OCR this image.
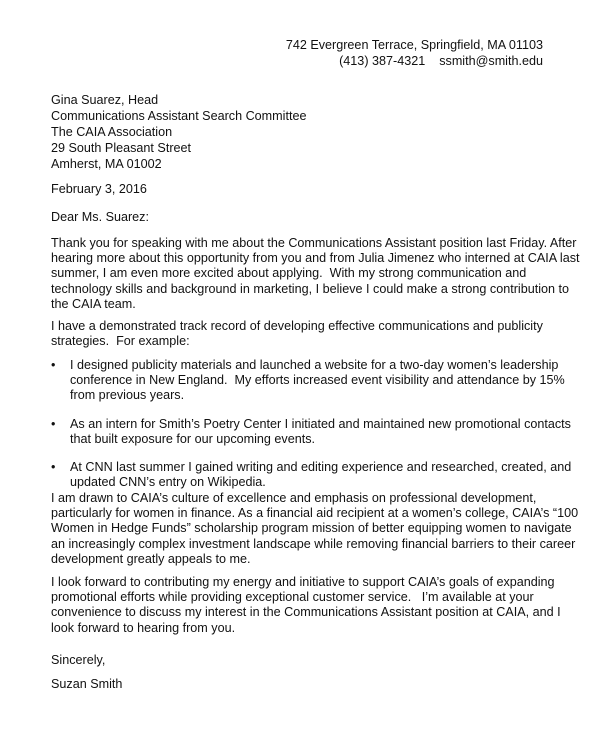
742 Evergreen Terrace, Springfield, MA 01103
(413) 387-4321    ssmith@smith.edu
Gina Suarez, Head
Communications Assistant Search Committee
The CAIA Association
29 South Pleasant Street
Amherst, MA 01002
February 3, 2016
Dear Ms. Suarez:
Thank you for speaking with me about the Communications Assistant position last Friday. After
hearing more about this opportunity from you and from Julia Jimenez who interned at CAIA last
summer, I am even more excited about applying.  With my strong communication and
technology skills and background in marketing, I believe I could make a strong contribution to
the CAIA team.
I have a demonstrated track record of developing effective communications and publicity
strategies.  For example:
• I designed publicity materials and launched a website for a two-day women’s leadership
conference in New England.  My efforts increased event visibility and attendance by 15%
from previous years.
• As an intern for Smith’s Poetry Center I initiated and maintained new promotional contacts
that built exposure for our upcoming events.
• At CNN last summer I gained writing and editing experience and researched, created, and
updated CNN’s entry on Wikipedia.
I am drawn to CAIA’s culture of excellence and emphasis on professional development,
particularly for women in finance. As a financial aid recipient at a women’s college, CAIA’s “100
Women in Hedge Funds” scholarship program mission of better equipping women to navigate
an increasingly complex investment landscape while removing financial barriers to their career
development greatly appeals to me.
I look forward to contributing my energy and initiative to support CAIA’s goals of expanding
promotional efforts while providing exceptional customer service.   I’m available at your
convenience to discuss my interest in the Communications Assistant position at CAIA, and I
look forward to hearing from you.
Sincerely,
Suzan Smith
